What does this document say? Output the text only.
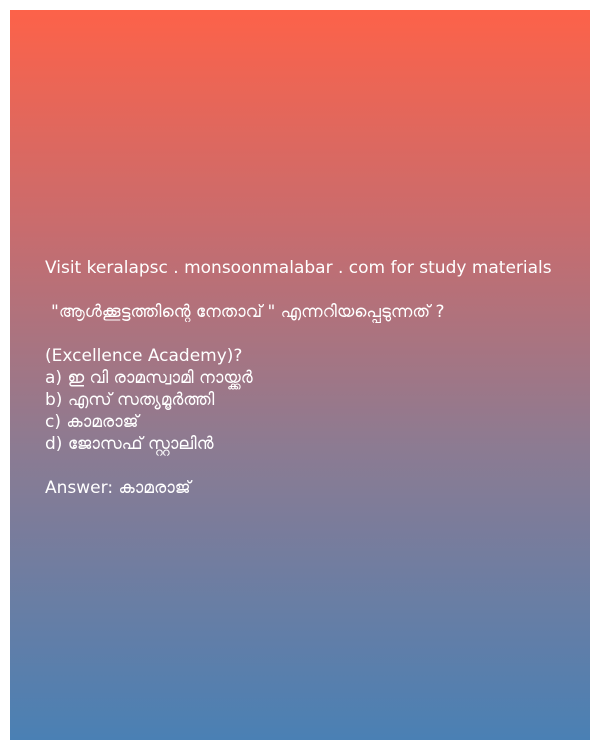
Visit keralapsc . monsoonmalabar . com for study materials
"ആൾക്കൂട്ടത്തിന്റെ നേതാവ് " എന്നറിയപ്പെടുന്നത് ?
(Excellence Academy)?
a) ഇ വി രാമസ്വാമി നായ്ക്കർ
b) എസ് സത്യമൂർത്തി
c) കാമരാജ്
d) ജോസഫ് സ്റ്റാലിൻ
Answer: കാമരാജ്
